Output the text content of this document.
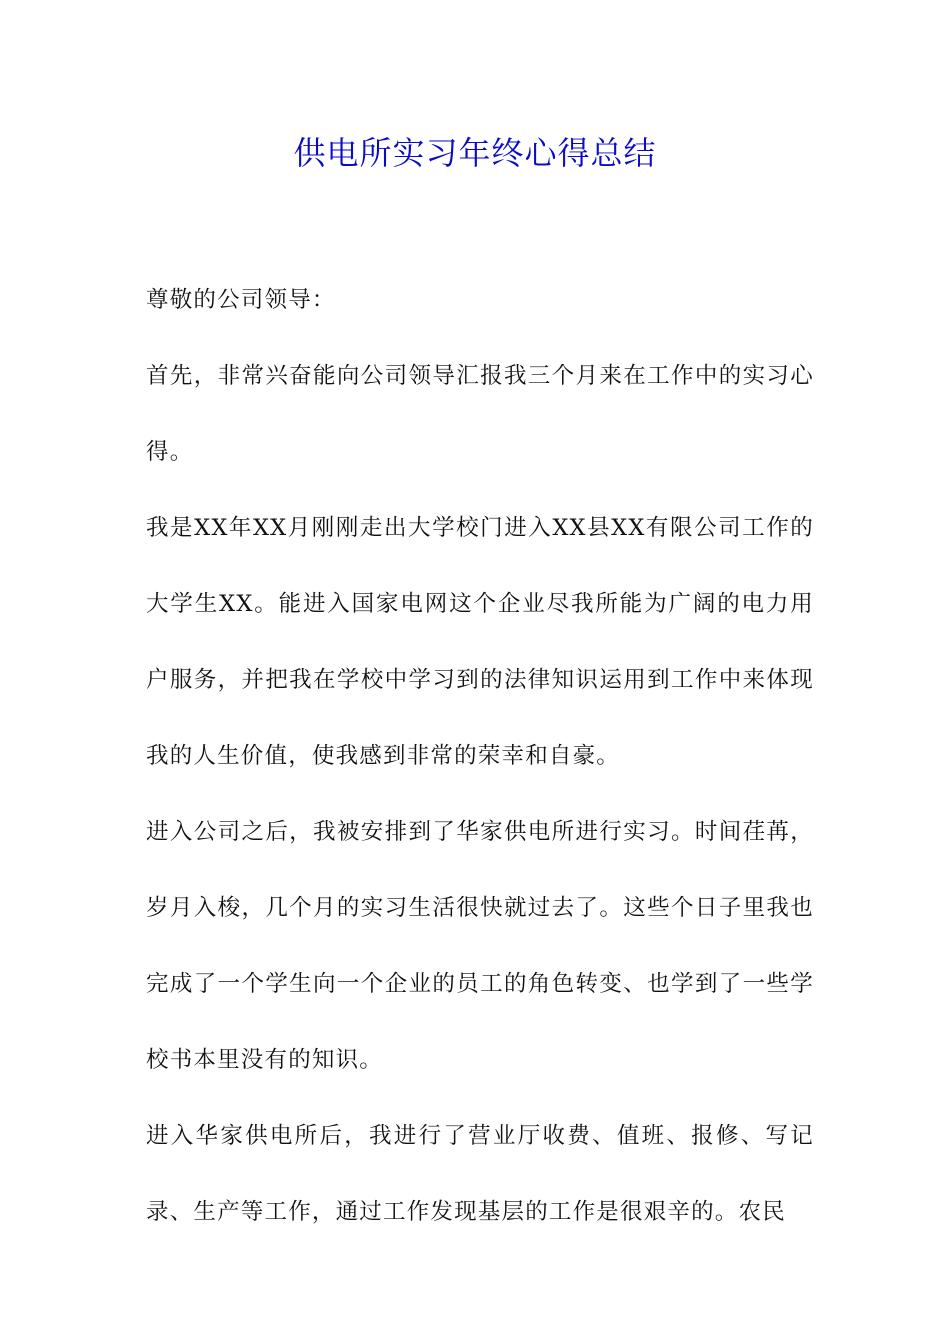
供电所实习年终心得总结

尊敬的公司领导：

首先，非常兴奋能向公司领导汇报我三个月来在工作中的实习心得。

我是XX年XX月刚刚走出大学校门进入XX县XX有限公司工作的大学生XX。能进入国家电网这个企业尽我所能为广阔的电力用户服务，并把我在学校中学习到的法律知识运用到工作中来体现我的人生价值，使我感到非常的荣幸和自豪。

进入公司之后，我被安排到了华家供电所进行实习。时间荏苒，岁月入梭，几个月的实习生活很快就过去了。这些个日子里我也完成了一个学生向一个企业的员工的角色转变、也学到了一些学校书本里没有的知识。

进入华家供电所后，我进行了营业厅收费、值班、报修、写记录、生产等工作，通过工作发现基层的工作是很艰辛的。农民
